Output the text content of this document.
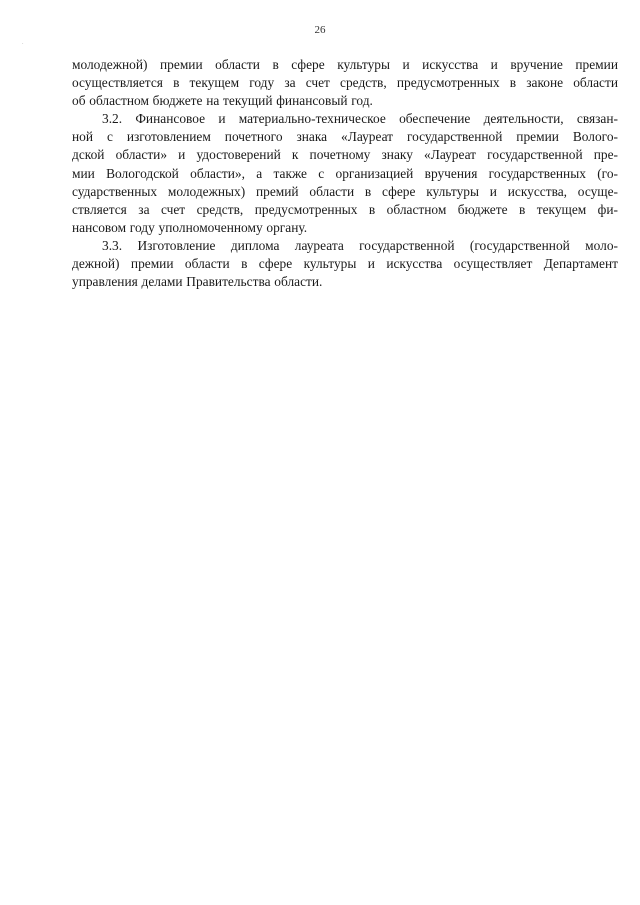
26
.

молодежной) премии области в сфере культуры и искусства и вручение премии
осуществляется в текущем году за счет средств, предусмотренных в законе области
об областном бюджете на текущий финансовый год.

3.2. Финансовое и материально-техническое обеспечение деятельности, связан-
ной с изготовлением почетного знака «Лауреат государственной премии Волого-
дской области» и удостоверений к почетному знаку «Лауреат государственной пре-
мии Вологодской области», а также с организацией вручения государственных (го-
сударственных молодежных) премий области в сфере культуры и искусства, осуще-
ствляется за счет средств, предусмотренных в областном бюджете в текущем фи-
нансовом году уполномоченному органу.

3.3. Изготовление диплома лауреата государственной (государственной моло-
дежной) премии области в сфере культуры и искусства осуществляет Департамент
управления делами Правительства области.
